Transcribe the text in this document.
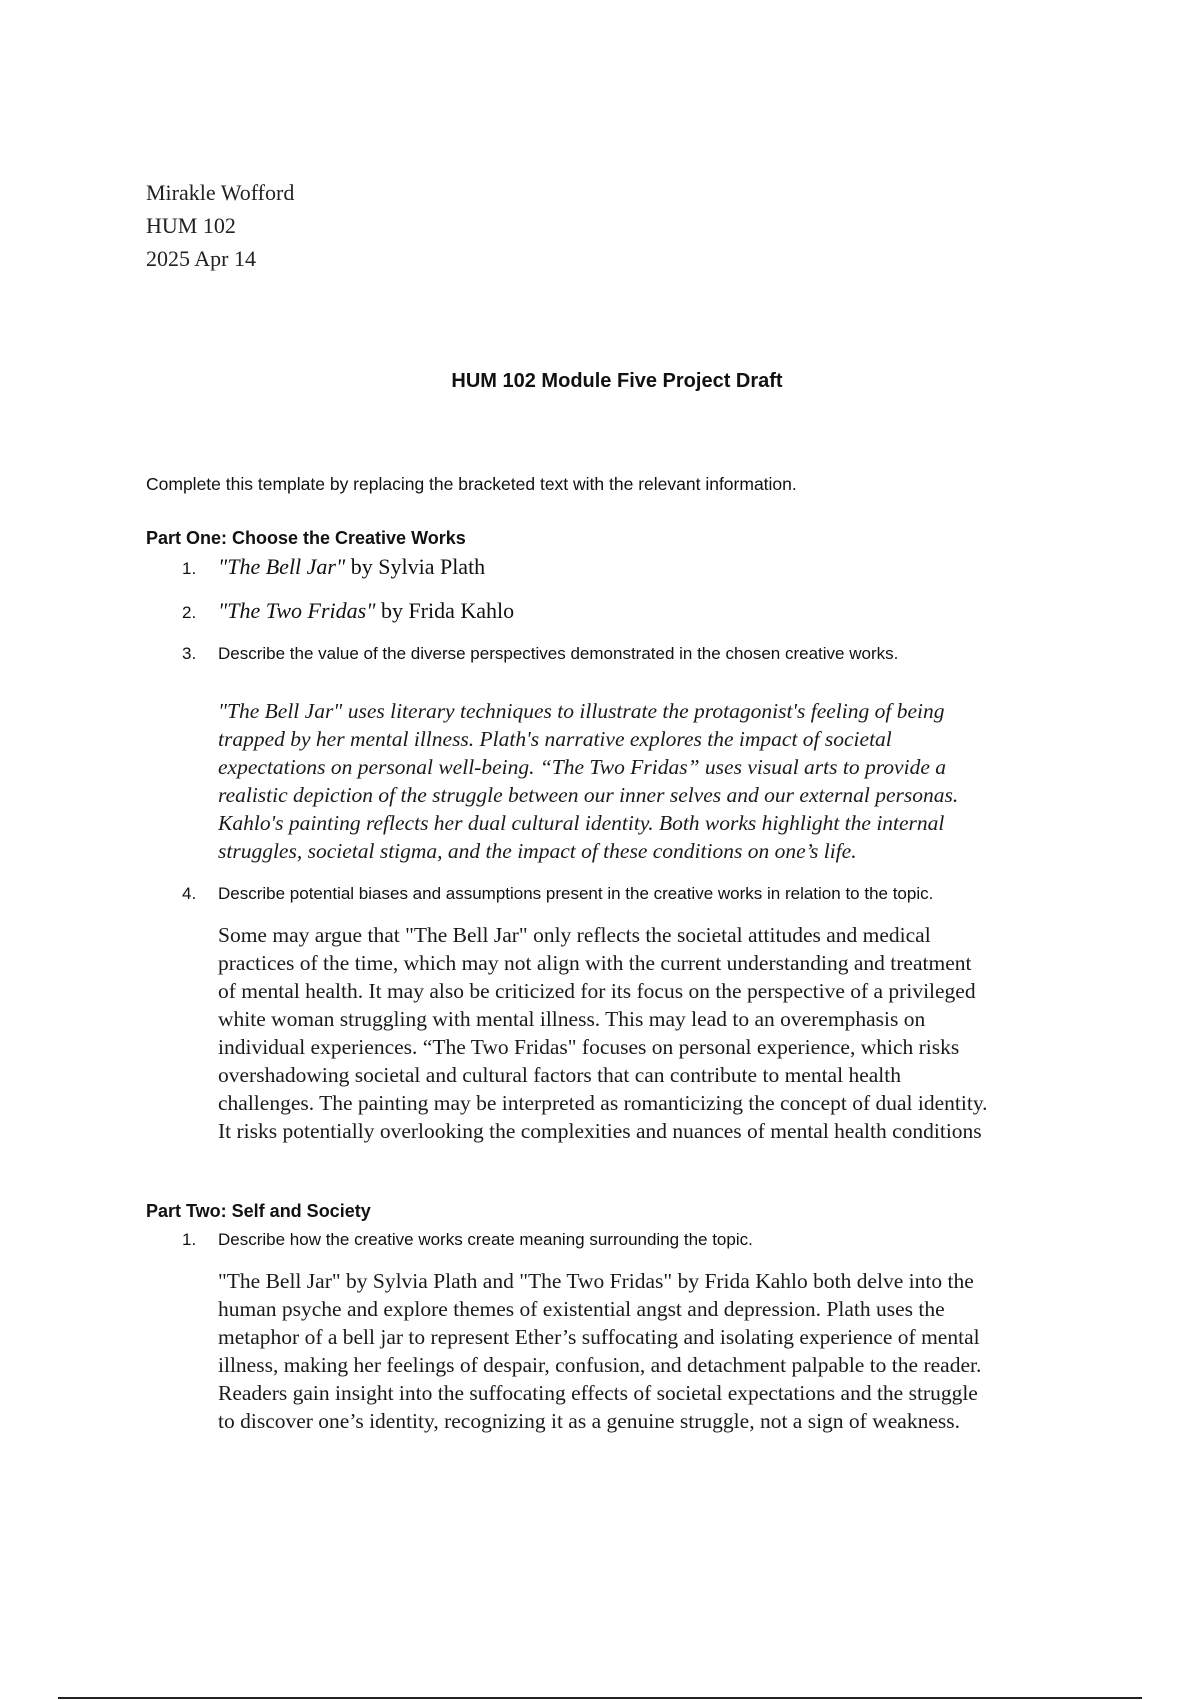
Mirakle Wofford
HUM 102
2025 Apr 14
HUM 102 Module Five Project Draft
Complete this template by replacing the bracketed text with the relevant information.
Part One: Choose the Creative Works
1. "The Bell Jar" by Sylvia Plath
2. "The Two Fridas" by Frida Kahlo
3. Describe the value of the diverse perspectives demonstrated in the chosen creative works.
"The Bell Jar" uses literary techniques to illustrate the protagonist's feeling of being
trapped by her mental illness. Plath's narrative explores the impact of societal
expectations on personal well-being. “The Two Fridas” uses visual arts to provide a
realistic depiction of the struggle between our inner selves and our external personas.
Kahlo's painting reflects her dual cultural identity. Both works highlight the internal
struggles, societal stigma, and the impact of these conditions on one’s life.
4. Describe potential biases and assumptions present in the creative works in relation to the topic.
Some may argue that "The Bell Jar" only reflects the societal attitudes and medical
practices of the time, which may not align with the current understanding and treatment
of mental health. It may also be criticized for its focus on the perspective of a privileged
white woman struggling with mental illness. This may lead to an overemphasis on
individual experiences. “The Two Fridas" focuses on personal experience, which risks
overshadowing societal and cultural factors that can contribute to mental health
challenges. The painting may be interpreted as romanticizing the concept of dual identity.
It risks potentially overlooking the complexities and nuances of mental health conditions
Part Two: Self and Society
1. Describe how the creative works create meaning surrounding the topic.
"The Bell Jar" by Sylvia Plath and "The Two Fridas" by Frida Kahlo both delve into the
human psyche and explore themes of existential angst and depression. Plath uses the
metaphor of a bell jar to represent Ether’s suffocating and isolating experience of mental
illness, making her feelings of despair, confusion, and detachment palpable to the reader.
Readers gain insight into the suffocating effects of societal expectations and the struggle
to discover one’s identity, recognizing it as a genuine struggle, not a sign of weakness.
